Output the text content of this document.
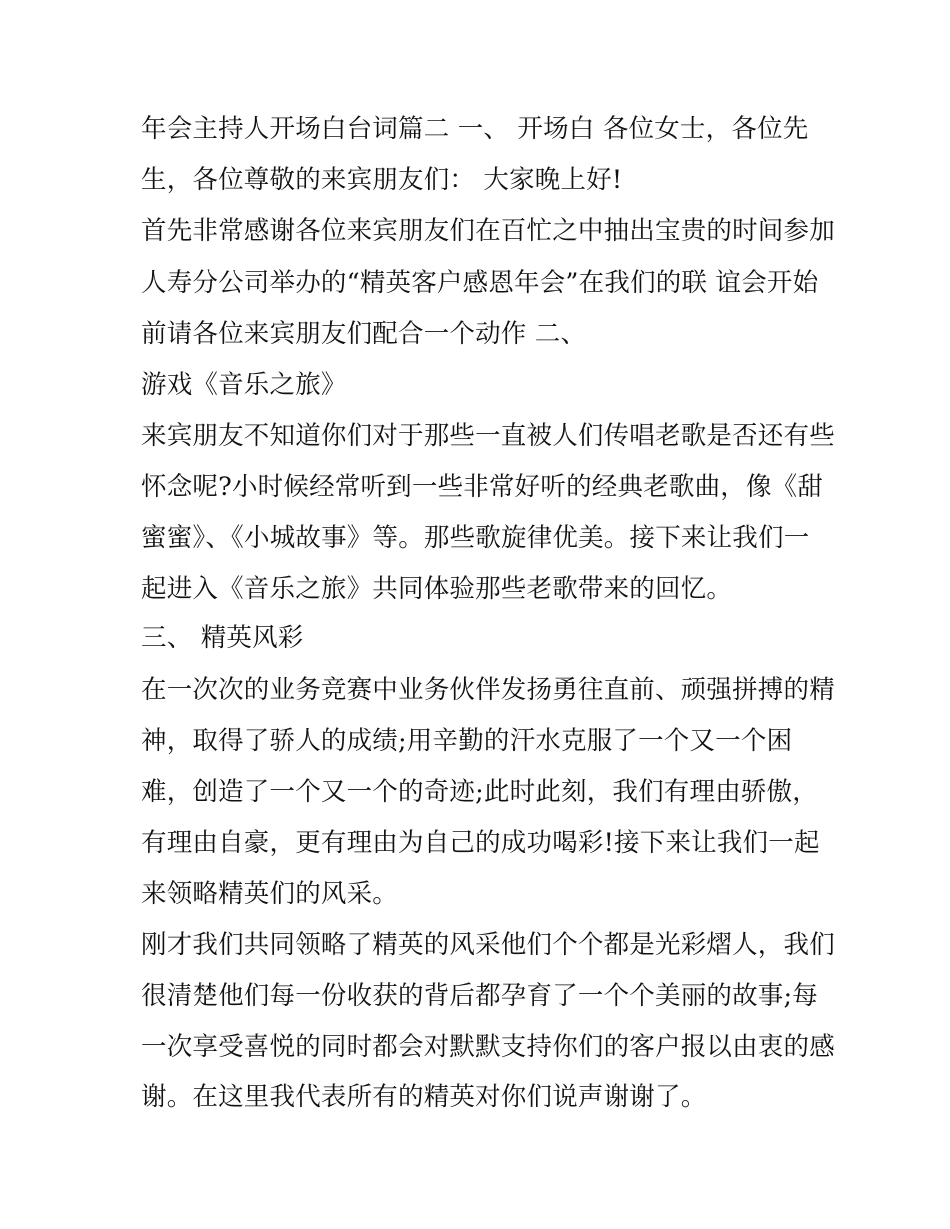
年会主持人开场白台词篇二 一、 开场白 各位女士，各位先
生，各位尊敬的来宾朋友们： 大家晚上好!
首先非常感谢各位来宾朋友们在百忙之中抽出宝贵的时间参加
人寿分公司举办的“精英客户感恩年会”在我们的联 谊会开始
前请各位来宾朋友们配合一个动作 二、
游戏《音乐之旅》
来宾朋友不知道你们对于那些一直被人们传唱老歌是否还有些
怀念呢?小时候经常听到一些非常好听的经典老歌曲，像《甜
蜜蜜》、《小城故事》等。那些歌旋律优美。接下来让我们一
起进入《音乐之旅》共同体验那些老歌带来的回忆。
三、 精英风彩
在一次次的业务竞赛中业务伙伴发扬勇往直前、顽强拼搏的精
神，取得了骄人的成绩;用辛勤的汗水克服了一个又一个困
难，创造了一个又一个的奇迹;此时此刻，我们有理由骄傲，
有理由自豪，更有理由为自己的成功喝彩!接下来让我们一起
来领略精英们的风采。
刚才我们共同领略了精英的风采他们个个都是光彩熠人，我们
很清楚他们每一份收获的背后都孕育了一个个美丽的故事;每
一次享受喜悦的同时都会对默默支持你们的客户报以由衷的感
谢。在这里我代表所有的精英对你们说声谢谢了。
